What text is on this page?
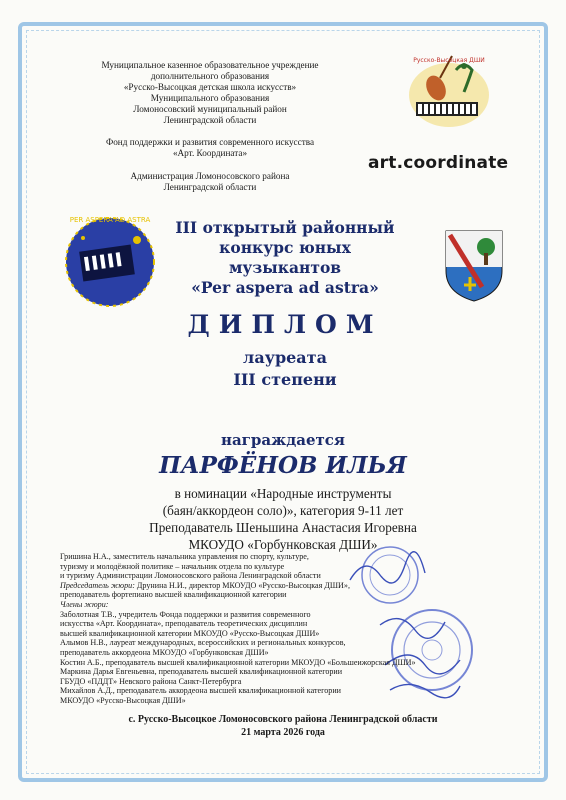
Муниципальное казенное образовательное учреждение
дополнительного образования
«Русско-Высоцкая детская школа искусств»
Муниципального образования
Ломоносовский муниципальный район
Ленинградской области
Фонд поддержки и развития современного искусства
«Арт. Координата»
Администрация Ломоносовского района
Ленинградской области
Русско-Высоцкая ДШИ
art.coordinate
PER ASPERA AD ASTRA	III открытый районный
конкурс юных
музыкантов
«Per aspera ad astra»
ДИПЛОМ
лауреата
III степени
награждается
ПАРФЁНОВ ИЛЬЯ
в номинации «Народные инструменты
(баян/аккордеон соло)», категория 9-11 лет
Преподаватель Шеньшина Анастасия Игоревна
МКОУДО «Горбунковская ДШИ»
Гришина Н.А., заместитель начальника управления по спорту, культуре,
туризму и молодёжной политике – начальник отдела по культуре
и туризму Администрации Ломоносовского района Ленинградской области
Председатель жюри: Друнина Н.И., директор МКОУДО «Русско-Высоцкая ДШИ»,
преподаватель фортепиано высшей квалификационной категории
Члены жюри:
Заболотная Т.В., учредитель Фонда поддержки и развития современного
искусства «Арт. Координата», преподаватель теоретических дисциплин
высшей квалификационной категории МКОУДО «Русско-Высоцкая ДШИ»
Алымов Н.В., лауреат международных, всероссийских и региональных конкурсов,
преподаватель аккордеона МКОУДО «Горбунковская ДШИ»
Костин А.Б., преподаватель высшей квалификационной категории МКОУДО «Большеижорская ДШИ»
Маркина Дарья Евгеньевна, преподаватель высшей квалификационной категории
ГБУДО «ПДДТ» Невского района Санкт-Петербурга
Михайлов А.Д., преподаватель аккордеона высшей квалификационной категории
МКОУДО «Русско-Высоцкая ДШИ»
с. Русско-Высоцкое Ломоносовского района Ленинградской области
21 марта 2026 года
